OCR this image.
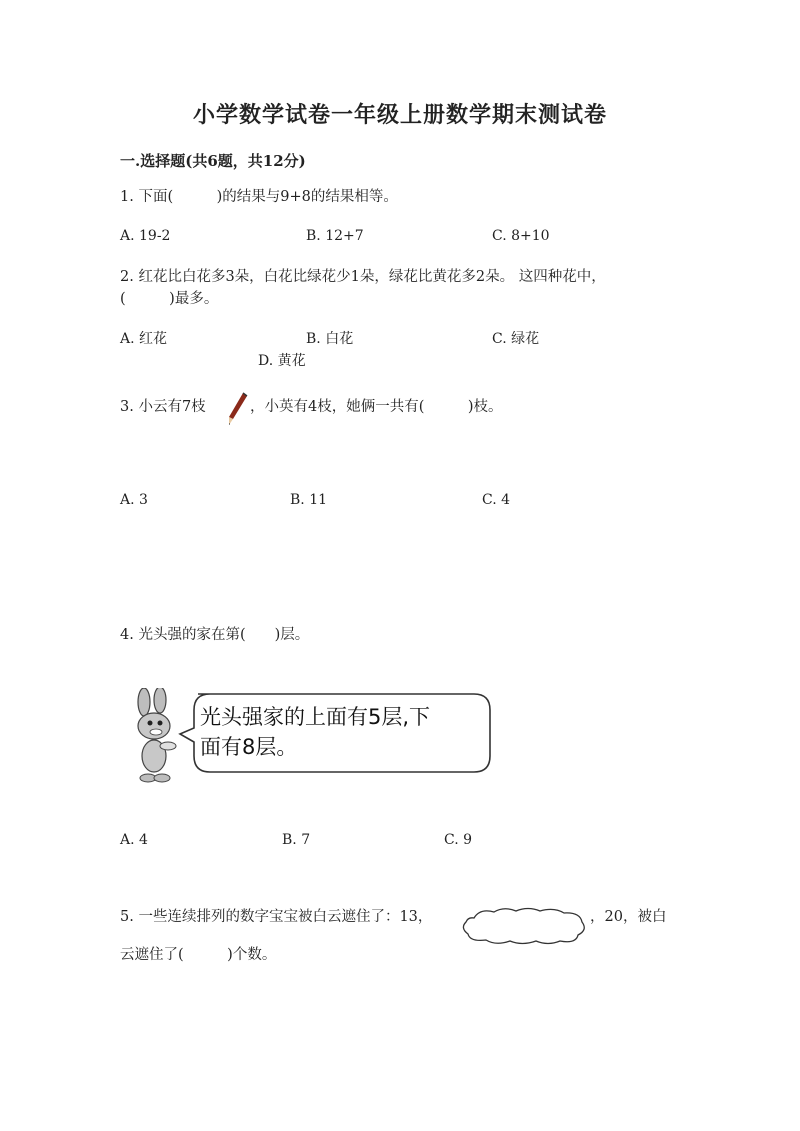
小学数学试卷一年级上册数学期末测试卷
一.选择题(共6题，共12分)
1. 下面(　　　)的结果与9+8的结果相等。
A. 19-2	B. 12+7	C. 8+10
2. 红花比白花多3朵，白花比绿花少1朵，绿花比黄花多2朵。 这四种花中，
(　　　)最多。
A. 红花	B. 白花	C. 绿花
D. 黄花
3. 小云有7枝	，小英有4枝，她俩一共有(　　　)枝。
A. 3	B. 11	C. 4
4. 光头强的家在第(　　)层。
光头强家的上面有5层,下
面有8层。
A. 4	B. 7	C. 9
5. 一些连续排列的数字宝宝被白云遮住了：13，	，20，被白
云遮住了(　　　)个数。
